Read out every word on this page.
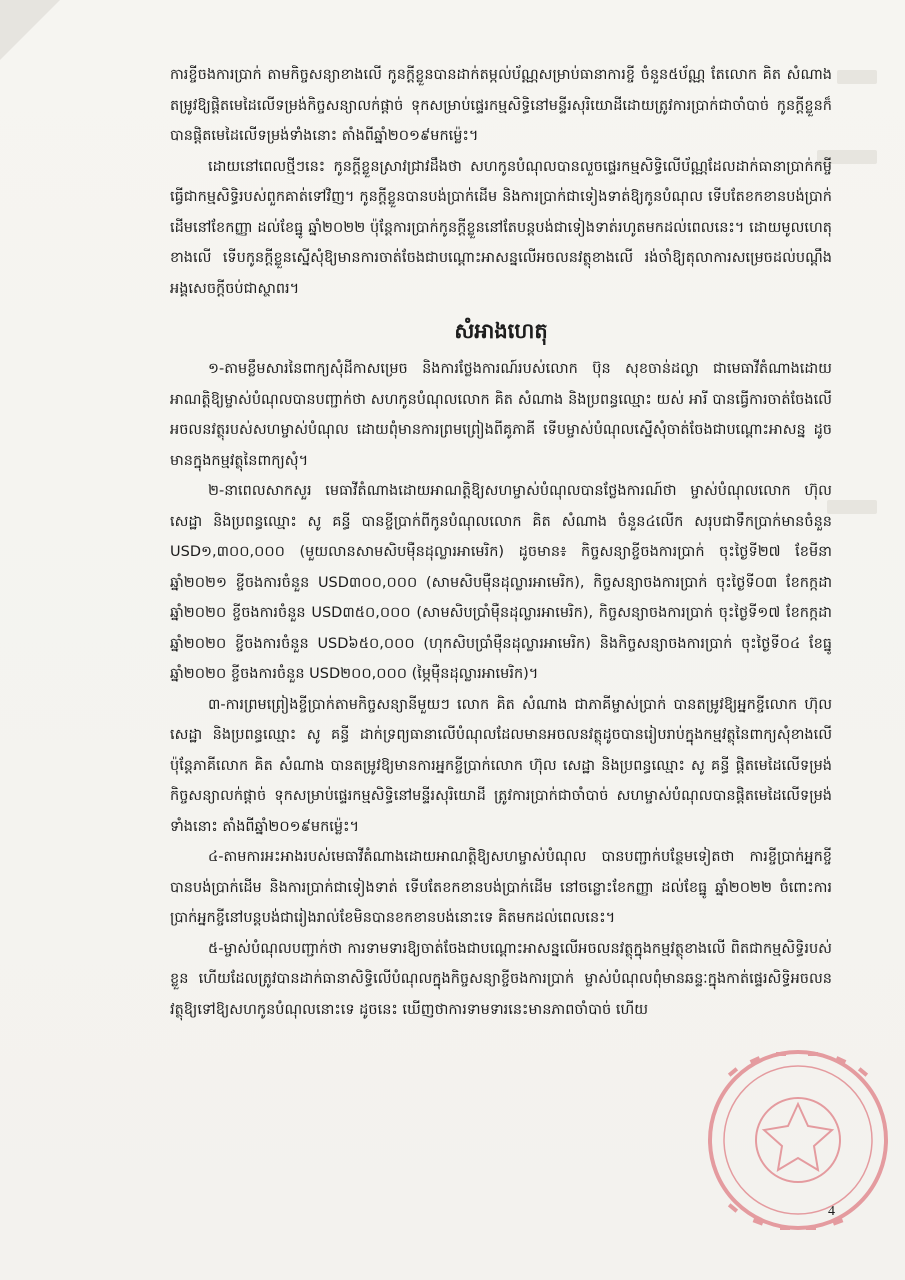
ការខ្ចីចងការប្រាក់ តាមកិច្ចសន្យាខាងលើ កូនក្តីខ្លួនបានដាក់តម្កល់ប័ណ្ណសម្រាប់ធានាការខ្ចី ចំនួន៥ប័ណ្ណ តែលោក គិត សំណាង តម្រូវឱ្យផ្តិតមេដៃលើទម្រង់កិច្ចសន្យាលក់ផ្តាច់ ទុកសម្រាប់ផ្ទេរកម្មសិទ្ធិនៅមន្ទីរសុរិយោដីដោយត្រូវការប្រាក់ជាចាំបាច់ កូនក្តីខ្លួនក៏បានផ្តិតមេដៃលើទម្រង់ទាំងនោះ តាំងពីឆ្នាំ២០១៩មកម្ល៉េះ។

ដោយនៅពេលថ្មីៗនេះ កូនក្តីខ្លួនស្រាវជ្រាវដឹងថា សហកូនបំណុលបានលួចផ្ទេរកម្មសិទ្ធិលើប័ណ្ណដែលដាក់ធានាប្រាក់កម្ចី ធ្វើជាកម្មសិទ្ធិរបស់ពួកគាត់ទៅវិញ។ កូនក្តីខ្លួនបានបង់ប្រាក់ដើម និងការប្រាក់ជាទៀងទាត់ឱ្យកូនបំណុល ទើបតែខកខានបង់ប្រាក់ដើមនៅខែកញ្ញា ដល់ខែធ្នូ ឆ្នាំ២០២២ ប៉ុន្តែការប្រាក់កូនក្តីខ្លួននៅតែបន្តបង់ជាទៀងទាត់រហូតមកដល់ពេលនេះ។ ដោយមូលហេតុខាងលើ ទើបកូនក្តីខ្លួនស្នើសុំឱ្យមានការចាត់ចែងជាបណ្តោះអាសន្នលើអចលនវត្ថុខាងលើ រង់ចាំឱ្យតុលាការសម្រេចដល់បណ្តឹងអង្គសេចក្តីចប់ជាស្ថាពរ។

សំអាងហេតុ

១-តាមខ្លឹមសារនៃពាក្យសុំដីកាសម្រេច និងការថ្លែងការណ៍របស់លោក ប៊ុន សុខចាន់ដល្លា ជាមេធាវីតំណាងដោយអាណត្តិឱ្យម្ចាស់បំណុលបានបញ្ជាក់ថា សហកូនបំណុលលោក គិត សំណាង និងប្រពន្ធឈ្មោះ យស់ អារី បានធ្វើការចាត់ចែងលើអចលនវត្ថុរបស់សហម្ចាស់បំណុល ដោយពុំមានការព្រមព្រៀងពីគូភាគី ទើបម្ចាស់បំណុលស្នើសុំចាត់ចែងជាបណ្តោះអាសន្ន ដូចមានក្នុងកម្មវត្ថុនៃពាក្យសុំ។

២-នាពេលសាកសួរ មេធាវីតំណាងដោយអាណត្តិឱ្យសហម្ចាស់បំណុលបានថ្លែងការណ៍ថា ម្ចាស់បំណុលលោក ហ៊ុល សេដ្ឋា និងប្រពន្ធឈ្មោះ សូ គន្ធី បានខ្ចីប្រាក់ពីកូនបំណុលលោក គិត សំណាង ចំនួន៤លើក សរុបជាទឹកប្រាក់មានចំនួន USD១,៣០០,០០០ (មួយលានសាមសិបម៉ឺនដុល្លារអាមេរិក) ដូចមាន៖ កិច្ចសន្យាខ្ចីចងការប្រាក់ ចុះថ្ងៃទី២៧ ខែមីនា ឆ្នាំ២០២១ ខ្ចីចងការចំនួន USD៣០០,០០០ (សាមសិបម៉ឺនដុល្លារអាមេរិក), កិច្ចសន្យាចងការប្រាក់ ចុះថ្ងៃទី០៣ ខែកក្កដា ឆ្នាំ២០២០ ខ្ចីចងការចំនួន USD៣៥០,០០០ (សាមសិបប្រាំម៉ឺនដុល្លារអាមេរិក), កិច្ចសន្យាចងការប្រាក់ ចុះថ្ងៃទី១៧ ខែកក្កដា ឆ្នាំ២០២០ ខ្ចីចងការចំនួន USD៦៥០,០០០ (ហុកសិបប្រាំម៉ឺនដុល្លារអាមេរិក) និងកិច្ចសន្យាចងការប្រាក់ ចុះថ្ងៃទី០៤ ខែធ្នូ ឆ្នាំ២០២០ ខ្ចីចងការចំនួន USD២០០,០០០ (ម្ភៃម៉ឺនដុល្លារអាមេរិក)។

៣-ការព្រមព្រៀងខ្ចីប្រាក់តាមកិច្ចសន្យានីមួយៗ លោក គិត សំណាង ជាភាគីម្ចាស់ប្រាក់ បានតម្រូវឱ្យអ្នកខ្ចីលោក ហ៊ុល សេដ្ឋា និងប្រពន្ធឈ្មោះ សូ គន្ធី ដាក់ទ្រព្យធានាលើបំណុលដែលមានអចលនវត្ថុដូចបានរៀបរាប់ក្នុងកម្មវត្ថុនៃពាក្យសុំខាងលើ ប៉ុន្តែភាគីលោក គិត សំណាង បានតម្រូវឱ្យមានការអ្នកខ្ចីប្រាក់លោក ហ៊ុល សេដ្ឋា និងប្រពន្ធឈ្មោះ សូ គន្ធី ផ្តិតមេដៃលើទម្រង់កិច្ចសន្យាលក់ផ្តាច់ ទុកសម្រាប់ផ្ទេរកម្មសិទ្ធិនៅមន្ទីរសុរិយោដី ត្រូវការប្រាក់ជាចាំបាច់ សហម្ចាស់បំណុលបានផ្តិតមេដៃលើទម្រង់ទាំងនោះ តាំងពីឆ្នាំ២០១៩មកម្ល៉េះ។

៤-តាមការអះអាងរបស់មេធាវីតំណាងដោយអាណត្តិឱ្យសហម្ចាស់បំណុល បានបញ្ជាក់បន្ថែមទៀតថា ការខ្ចីប្រាក់អ្នកខ្ចីបានបង់ប្រាក់ដើម និងការប្រាក់ជាទៀងទាត់ ទើបតែខកខានបង់ប្រាក់ដើម នៅចន្លោះខែកញ្ញា ដល់ខែធ្នូ ឆ្នាំ២០២២ ចំពោះការប្រាក់អ្នកខ្ចីនៅបន្តបង់ជារៀងរាល់ខែមិនបានខកខានបង់នោះទេ គិតមកដល់ពេលនេះ។

៥-ម្ចាស់បំណុលបញ្ជាក់ថា ការទាមទារឱ្យចាត់ចែងជាបណ្តោះអាសន្នលើអចលនវត្ថុក្នុងកម្មវត្ថុខាងលើ ពិតជាកម្មសិទ្ធិរបស់ខ្លួន ហើយដែលត្រូវបានដាក់ធានាសិទ្ធិលើបំណុលក្នុងកិច្ចសន្យាខ្ចីចងការប្រាក់ ម្ចាស់បំណុលពុំមានឆន្ទៈក្នុងកាត់ផ្ទេរសិទ្ធិអចលនវត្ថុឱ្យទៅឱ្យសហកូនបំណុលនោះទេ ដូចនេះ ឃើញថាការទាមទារនេះមានភាពចាំបាច់ ហើយ

4
